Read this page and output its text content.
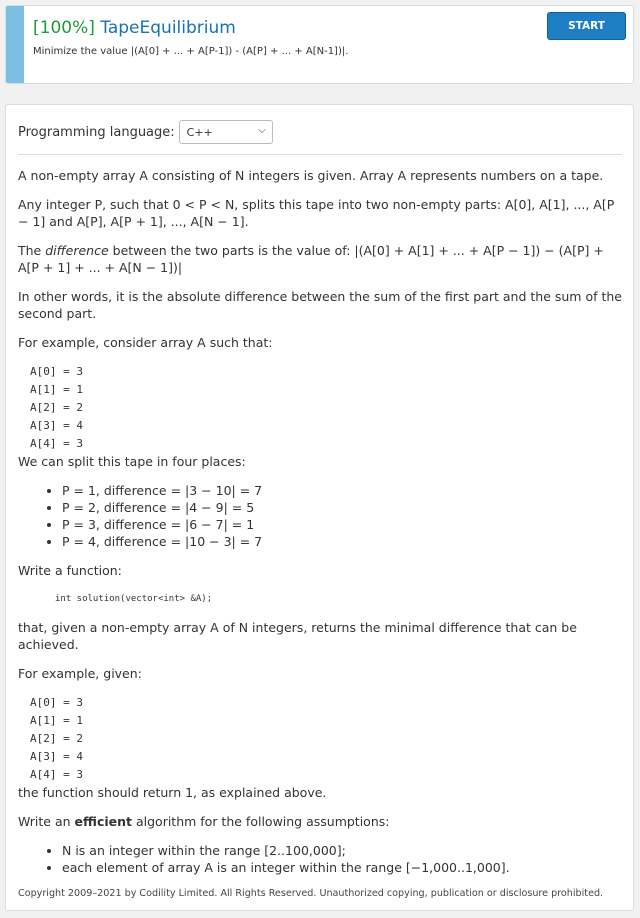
[100%] TapeEquilibrium
Minimize the value |(A[0] + ... + A[P-1]) - (A[P] + ... + A[N-1])|.
START
Programming language: C++	⌵

A non-empty array A consisting of N integers is given. Array A represents numbers on a tape.

Any integer P, such that 0 < P < N, splits this tape into two non-empty parts: A[0], A[1], ..., A[P − 1] and A[P], A[P + 1], ..., A[N − 1].

The difference between the two parts is the value of: |(A[0] + A[1] + ... + A[P − 1]) − (A[P] + A[P + 1] + ... + A[N − 1])|

In other words, it is the absolute difference between the sum of the first part and the sum of the second part.

For example, consider array A such that:

A[0] = 3
A[1] = 1
A[2] = 2
A[3] = 4
A[4] = 3

We can split this tape in four places:

• P = 1, difference = |3 − 10| = 7
• P = 2, difference = |4 − 9| = 5
• P = 3, difference = |6 − 7| = 1
• P = 4, difference = |10 − 3| = 7

Write a function:

int solution(vector<int> &A);

that, given a non-empty array A of N integers, returns the minimal difference that can be achieved.

For example, given:

A[0] = 3
A[1] = 1
A[2] = 2
A[3] = 4
A[4] = 3

the function should return 1, as explained above.

Write an efficient algorithm for the following assumptions:

• N is an integer within the range [2..100,000];
• each element of array A is an integer within the range [−1,000..1,000].
Copyright 2009–2021 by Codility Limited. All Rights Reserved. Unauthorized copying, publication or disclosure prohibited.
